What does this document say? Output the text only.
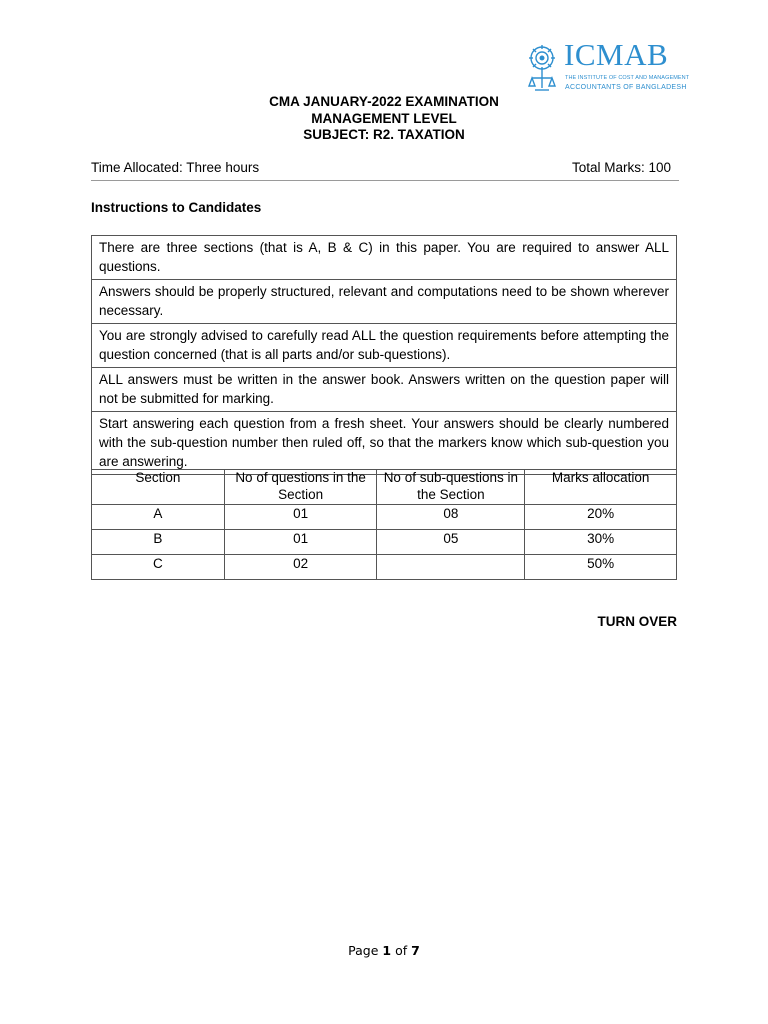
ICMAB
THE INSTITUTE OF COST AND MANAGEMENT
ACCOUNTANTS OF BANGLADESH
CMA JANUARY-2022 EXAMINATION
MANAGEMENT LEVEL
SUBJECT: R2. TAXATION
Time Allocated: Three hours	Total Marks: 100
Instructions to Candidates
There are three sections (that is A, B & C) in this paper. You are required to answer ALL questions.
Answers should be properly structured, relevant and computations need to be shown wherever necessary.
You are strongly advised to carefully read ALL the question requirements before attempting the question concerned (that is all parts and/or sub-questions).
ALL answers must be written in the answer book. Answers written on the question paper will not be submitted for marking.
Start answering each question from a fresh sheet. Your answers should be clearly numbered with the sub-question number then ruled off, so that the markers know which sub-question you are answering.
Section	No of questions in the Section	No of sub-questions in the Section	Marks allocation
A	01	08	20%
B	01	05	30%
C	02		50%
TURN OVER
Page 1 of 7
